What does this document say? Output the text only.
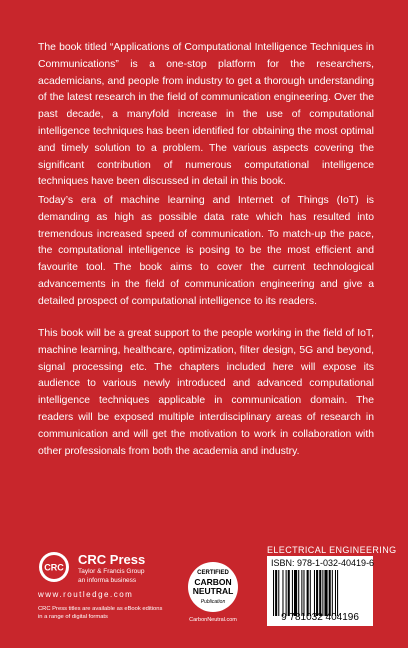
The book titled “Applications of Computational Intelligence Techniques in Communications” is a one-stop platform for the researchers, academicians, and people from industry to get a thorough understanding of the latest research in the field of communication engineering. Over the past decade, a manyfold increase in the use of computational intelligence techniques has been identified for obtaining the most optimal and timely solution to a problem. The various aspects covering the significant contribution of numerous computational intelligence techniques have been discussed in detail in this book.

Today’s era of machine learning and Internet of Things (IoT) is demanding as high as possible data rate which has resulted into tremendous increased speed of communication. To match-up the pace, the computational intelligence is posing to be the most efficient and favourite tool. The book aims to cover the current technological advancements in the field of communication engineering and give a detailed prospect of computational intelligence to its readers.

This book will be a great support to the people working in the field of IoT, machine learning, healthcare, optimization, filter design, 5G and beyond, signal processing etc. The chapters included here will expose its audience to various newly introduced and advanced computational intelligence techniques applicable in communication domain. The readers will be exposed multiple interdisciplinary areas of research in communication and will get the motivation to work in collaboration with other professionals from both the academia and industry.

CRC
CRC Press
Taylor & Francis Group
an informa business
www.routledge.com
CRC Press titles are available as eBook editions
in a range of digital formats
CERTIFIED
CARBON
NEUTRAL
Publication
CarbonNeutral.com
ELECTRICAL ENGINEERING
ISBN: 978-1-032-40419-6
9 781032 404196
